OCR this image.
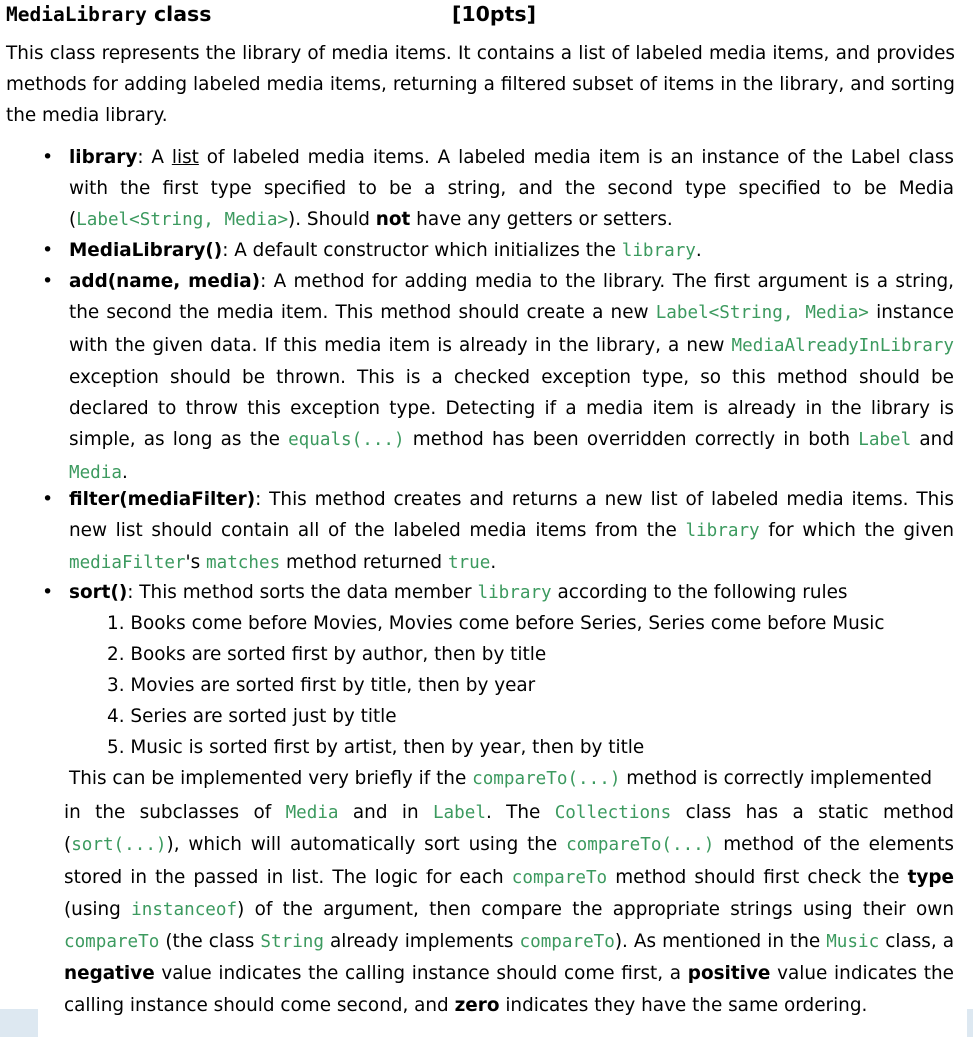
MediaLibrary class	[10pts]

This class represents the library of media items. It contains a list of labeled media items, and provides methods for adding labeled media items, returning a filtered subset of items in the library, and sorting the media library.

• library: A list of labeled media items. A labeled media item is an instance of the Label class with the first type specified to be a string, and the second type specified to be Media (Label<String, Media>). Should not have any getters or setters.

• MediaLibrary(): A default constructor which initializes the library.

• add(name, media): A method for adding media to the library. The first argument is a string, the second the media item. This method should create a new Label<String, Media> instance with the given data. If this media item is already in the library, a new MediaAlreadyInLibrary exception should be thrown. This is a checked exception type, so this method should be declared to throw this exception type. Detecting if a media item is already in the library is simple, as long as the equals(...) method has been overridden correctly in both Label and Media.

• filter(mediaFilter): This method creates and returns a new list of labeled media items. This new list should contain all of the labeled media items from the library for which the given mediaFilter's matches method returned true.

• sort(): This method sorts the data member library according to the following rules

1. Books come before Movies, Movies come before Series, Series come before Music
2. Books are sorted first by author, then by title
3. Movies are sorted first by title, then by year
4. Series are sorted just by title
5. Music is sorted first by artist, then by year, then by title
This can be implemented very briefly if the compareTo(...) method is correctly implemented

in the subclasses of Media and in Label. The Collections class has a static method (sort(...)), which will automatically sort using the compareTo(...) method of the elements stored in the passed in list. The logic for each compareTo method should first check the type (using instanceof) of the argument, then compare the appropriate strings using their own compareTo (the class String already implements compareTo). As mentioned in the Music class, a negative value indicates the calling instance should come first, a positive value indicates the calling instance should come second, and zero indicates they have the same ordering.
